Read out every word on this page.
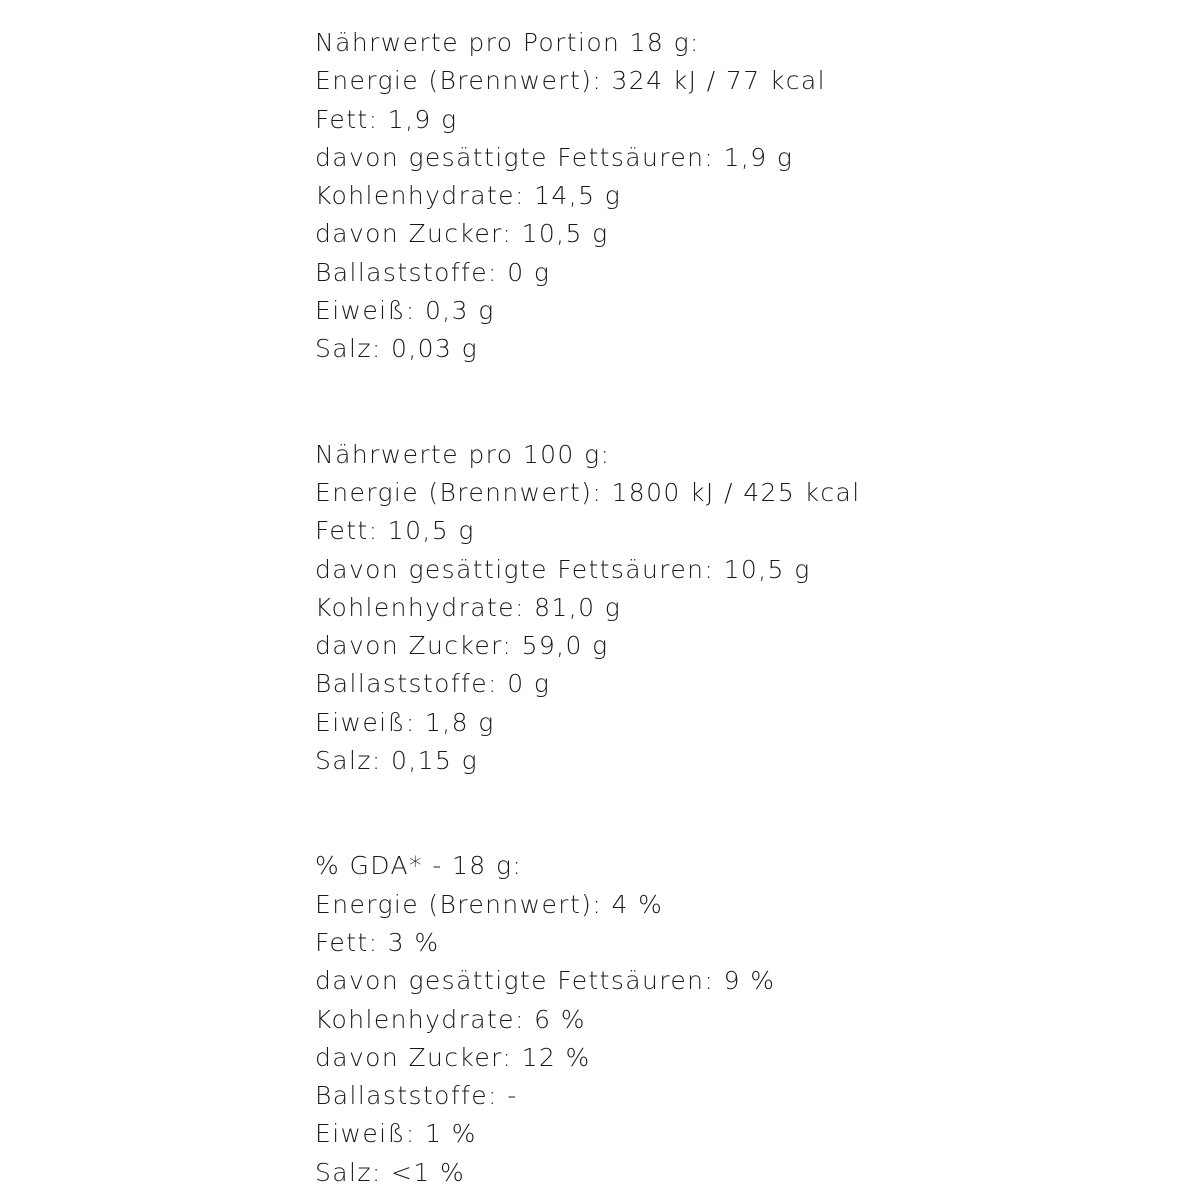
Nährwerte pro Portion 18 g:
Energie (Brennwert): 324 kJ / 77 kcal
Fett: 1,9 g
davon gesättigte Fettsäuren: 1,9 g
Kohlenhydrate: 14,5 g
davon Zucker: 10,5 g
Ballaststoffe: 0 g
Eiweiß: 0,3 g
Salz: 0,03 g
Nährwerte pro 100 g:
Energie (Brennwert): 1800 kJ / 425 kcal
Fett: 10,5 g
davon gesättigte Fettsäuren: 10,5 g
Kohlenhydrate: 81,0 g
davon Zucker: 59,0 g
Ballaststoffe: 0 g
Eiweiß: 1,8 g
Salz: 0,15 g
% GDA* - 18 g:
Energie (Brennwert): 4 %
Fett: 3 %
davon gesättigte Fettsäuren: 9 %
Kohlenhydrate: 6 %
davon Zucker: 12 %
Ballaststoffe: -
Eiweiß: 1 %
Salz: <1 %
